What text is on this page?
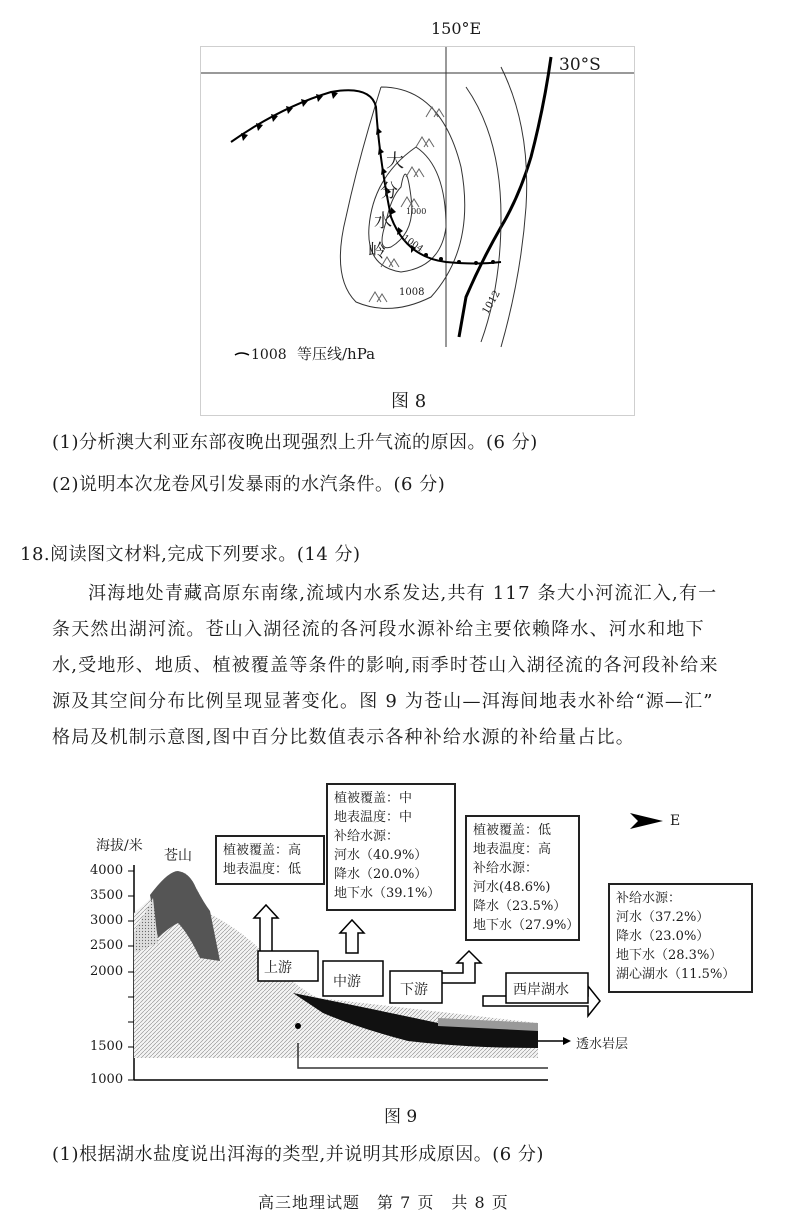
150°E
30°S
大
分
水
岭
1000
1004
1008	1012
1008 等压线/hPa
图 8
(1)分析澳大利亚东部夜晚出现强烈上升气流的原因。(6 分)
(2)说明本次龙卷风引发暴雨的水汽条件。(6 分)
18.阅读图文材料,完成下列要求。(14 分)
洱海地处青藏高原东南缘,流域内水系发达,共有 117 条大小河流汇入,有一
条天然出湖河流。苍山入湖径流的各河段水源补给主要依赖降水、河水和地下
水,受地形、地质、植被覆盖等条件的影响,雨季时苍山入湖径流的各河段补给来
源及其空间分布比例呈现显著变化。图 9 为苍山—洱海间地表水补给“源—汇”
格局及机制示意图,图中百分比数值表示各种补给水源的补给量占比。
海拔/米
4000
3500
3000
2500
2000
1500
1000
苍山
上游
中游	下游	西岸湖水
透水岩层
E
植被覆盖：高
地表温度：低
植被覆盖：中
地表温度：中
补给水源：
河水（40.9%）
降水（20.0%）
地下水（39.1%）
植被覆盖：低
地表温度：高
补给水源：
河水(48.6%)
降水（23.5%）
地下水（27.9%）
补给水源：
河水（37.2%）
降水（23.0%）
地下水（28.3%）
湖心湖水（11.5%）
图 9
(1)根据湖水盐度说出洱海的类型,并说明其形成原因。(6 分)
高三地理试题　第 7 页　共 8 页
